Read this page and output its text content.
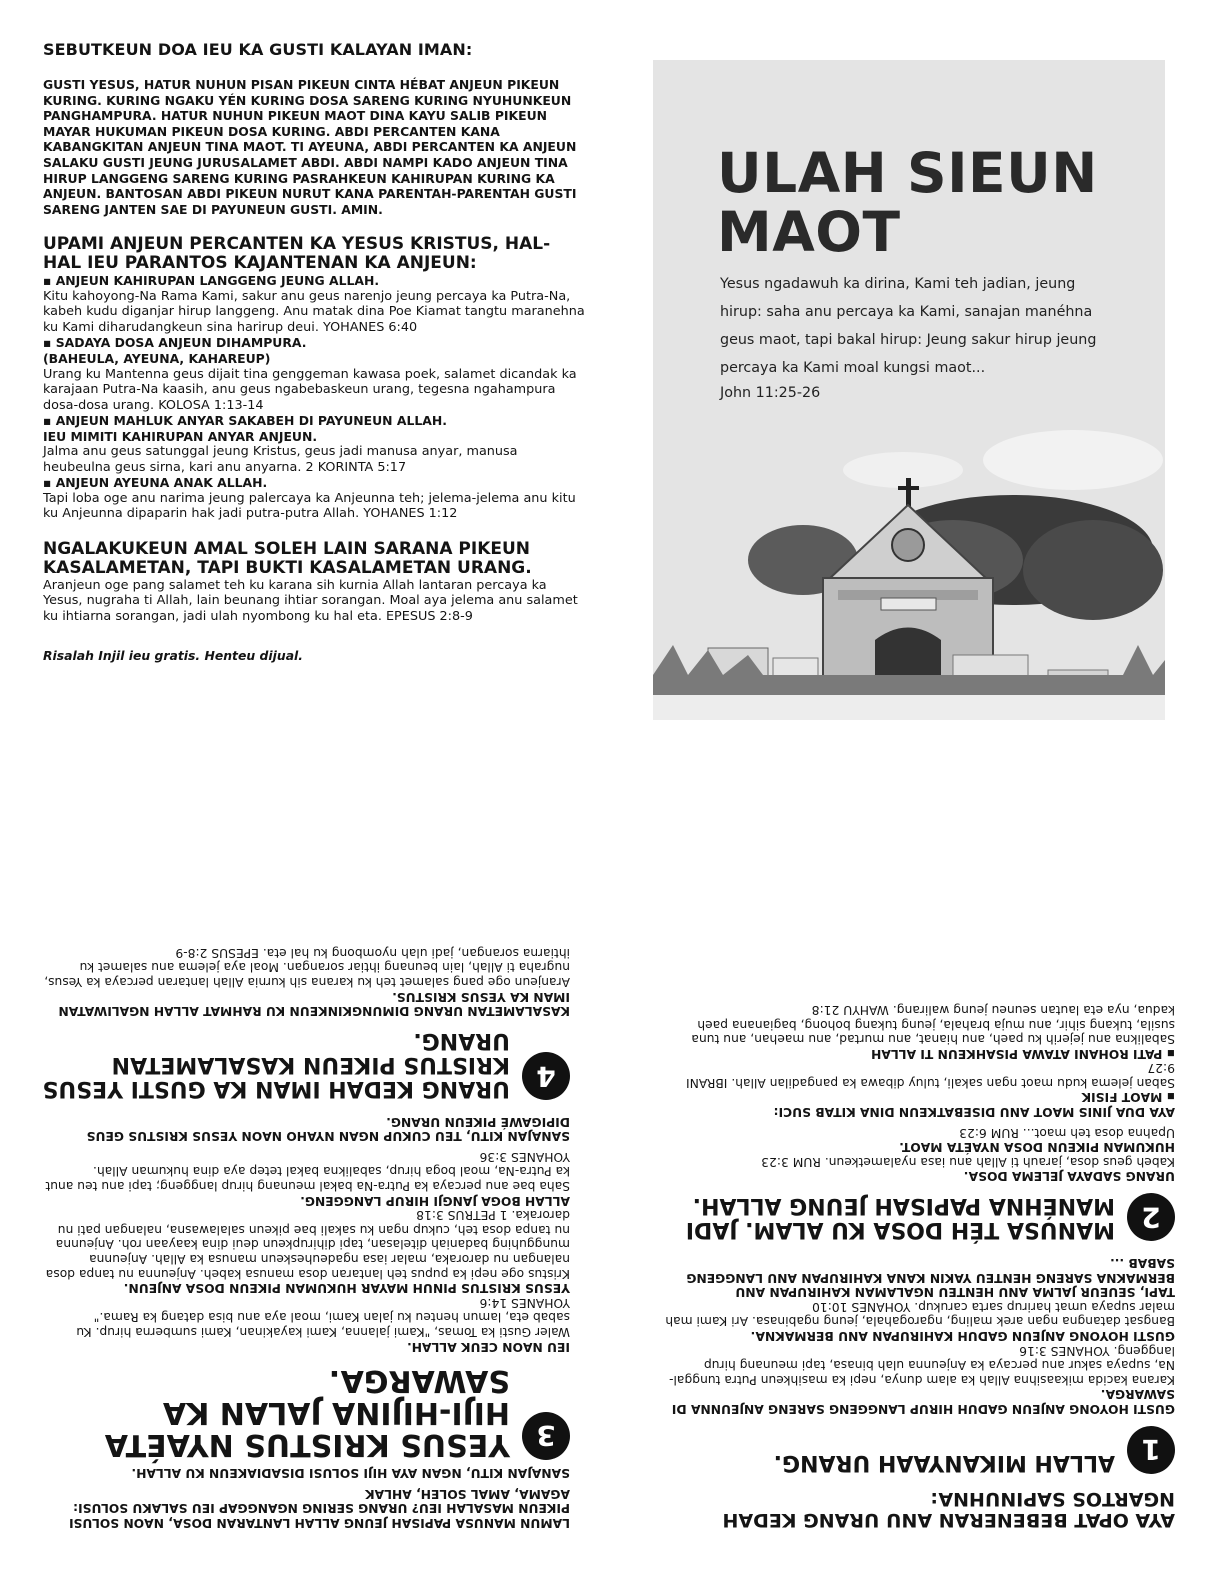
SEBUTKEUN DOA IEU KA GUSTI KALAYAN IMAN:
GUSTI YESUS, HATUR NUHUN PISAN PIKEUN CINTA HÉBAT ANJEUN PIKEUN KURING. KURING NGAKU YÉN KURING DOSA SARENG KURING NYUHUNKEUN PANGHAMPURA. HATUR NUHUN PIKEUN MAOT DINA KAYU SALIB PIKEUN MAYAR HUKUMAN PIKEUN DOSA KURING. ABDI PERCANTEN KANA KABANGKITAN ANJEUN TINA MAOT. TI AYEUNA, ABDI PERCANTEN KA ANJEUN SALAKU GUSTI JEUNG JURUSALAMET ABDI. ABDI NAMPI KADO ANJEUN TINA HIRUP LANGGENG SARENG KURING PASRAHKEUN KAHIRUPAN KURING KA ANJEUN. BANTOSAN ABDI PIKEUN NURUT KANA PARENTAH-PARENTAH GUSTI SARENG JANTEN SAE DI PAYUNEUN GUSTI. AMIN.
UPAMI ANJEUN PERCANTEN KA YESUS KRISTUS, HAL-HAL IEU PARANTOS KAJANTENAN KA ANJEUN:
▪ ANJEUN KAHIRUPAN LANGGENG JEUNG ALLAH.
Kitu kahoyong-Na Rama Kami, sakur anu geus narenjo jeung percaya ka Putra-Na, kabeh kudu diganjar hirup langgeng. Anu matak dina Poe Kiamat tangtu maranehna ku Kami diharudangkeun sina harirup deui. YOHANES 6:40
▪ SADAYA DOSA ANJEUN DIHAMPURA.
(BAHEULA, AYEUNA, KAHAREUP)
Urang ku Mantenna geus dijait tina genggeman kawasa poek, salamet dicandak ka karajaan Putra-Na kaasih, anu geus ngabebaskeun urang, tegesna ngahampura dosa-dosa urang. KOLOSA 1:13-14
▪ ANJEUN MAHLUK ANYAR SAKABEH DI PAYUNEUN ALLAH.
IEU MIMITI KAHIRUPAN ANYAR ANJEUN.
Jalma anu geus satunggal jeung Kristus, geus jadi manusa anyar, manusa heubeulna geus sirna, kari anu anyarna. 2 KORINTA 5:17
▪ ANJEUN AYEUNA ANAK ALLAH.
Tapi loba oge anu narima jeung palercaya ka Anjeunna teh; jelema-jelema anu kitu ku Anjeunna dipaparin hak jadi putra-putra Allah. YOHANES 1:12
NGALAKUKEUN AMAL SOLEH LAIN SARANA PIKEUN KASALAMETAN, TAPI BUKTI KASALAMETAN URANG.
Aranjeun oge pang salamet teh ku karana sih kurnia Allah lantaran percaya ka Yesus, nugraha ti Allah, lain beunang ihtiar sorangan. Moal aya jelema anu salamet ku ihtiarna sorangan, jadi ulah nyombong ku hal eta. EPESUS 2:8-9
Risalah Injil ieu gratis. Henteu dijual.
ULAH SIEUN
MAOT
Yesus ngadawuh ka dirina, Kami teh jadian, jeung hirup: saha anu percaya ka Kami, sanajan manéhna geus maot, tapi bakal hirup: Jeung sakur hirup jeung percaya ka Kami moal kungsi maot...
John 11:25-26
LAMUN MANUSA PAPISAH JEUNG ALLAH LANTARAN DOSA, NAON SOLUSI PIKEUN MASALAH IEU? URANG SERING NGANGGAP IEU SALAKU SOLUSI: AGAMA, AMAL SOLEH, AHLAK
SANAJAN KITU, NGAN AYA HIJI SOLUSI DISADIAKEUN KU ALLAH.
3
YESUS KRISTUS NYAÉTA HIJI-HIJINA JALAN KA SAWARGA.
IEU NAON CEUK ALLAH.
Waler Gusti ka Tomas, "Kami jalanna, Kami kayakinan, Kami sumberna hirup. Ku sabab eta, lamun henteu ku jalan Kami, moal aya anu bisa datang ka Rama." YOHANES 14:6
YESUS KRISTUS PINUH MAYAR HUKUMAN PIKEUN DOSA ANJEUN.
Kristus oge nepi ka pupus teh lantaran dosa manusa kabeh. Anjeunna nu tanpa dosa nalangan nu daroraka, malar iasa ngadeuheskeun manusa ka Allah. Anjeunna mungguhing badaniah ditelasan, tapi dihirupkeun deui dina kaayaan roh. Anjeunna nu tanpa dosa teh, cukup ngan ku sakali bae pikeun salalawasna, nalangan pati nu daroraka. 1 PETRUS 3:18
ALLAH BOGA JANGJI HIRUP LANGGENG.
Saha bae anu percaya ka Putra-Na bakal meunang hirup langgeng; tapi anu teu anut ka Putra-Na, moal boga hirup, sabalikna bakal tetep aya dina hukuman Allah. YOHANES 3:36
SANAJAN KITU, TEU CUKUP NGAN NYAHO NAON YESUS KRISTUS GEUS DIPIGAWÉ PIKEUN URANG.
4
URANG KEDAH IMAN KA GUSTI YESUS KRISTUS PIKEUN KASALAMETAN URANG.
KASALAMETAN URANG DIMUNGKINKEUN KU RAHMAT ALLAH NGALIWATAN IMAN KA YESUS KRISTUS.
Aranjeun oge pang salamet teh ku karana sih kurnia Allah lantaran percaya ka Yesus, nugraha ti Allah, lain beunang ihtiar sorangan. Moal aya jelema anu salamet ku ihtiarna sorangan, jadi ulah nyombong ku hal eta. EPESUS 2:8-9
AYA OPAT BEBENERAN ANU URANG KEDAH NGARTOS SAPINUHNA:
1
ALLAH MIKANYAAH URANG.
GUSTI HOYONG ANJEUN GADUH HIRUP LANGGENG SARENG ANJEUNNA DI SAWARGA.
Karana kacida mikaasihna Allah ka alam dunya, nepi ka masihkeun Putra tunggal-Na, supaya sakur anu percaya ka Anjeunna ulah binasa, tapi meunang hirup langgeng. YOHANES 3:16
GUSTI HOYONG ANJEUN GADUH KAHIRUPAN ANU BERMAKNA.
Bangsat datangna ngan arek maling, ngarogahala, jeung ngabinasa. Ari Kami mah malar supaya umat harirup sarta carukup. YOHANES 10:10
TAPI, SEUEUR JALMA ANU HENTEU NGALAMAN KAHIRUPAN ANU BERMAKNA SARENG HENTEU YAKIN KANA KAHIRUPAN ANU LANGGENG SABAB ...
2
MANUSA TÉH DOSA KU ALAM. JADI MANÉHNA PAPISAH JEUNG ALLAH.
URANG SADAYA JELEMA DOSA.
Kabeh geus dosa, jarauh ti Allah anu iasa nyalametkeun. RUM 3:23
HUKUMAN PIKEUN DOSA NYAÉTA MAOT.
Upahna dosa teh maot... RUM 6:23
AYA DUA JINIS MAOT ANU DISEBATKEUN DINA KITAB SUCI:
▪ MAOT FISIK
Saban jelema kudu maot ngan sakali, tuluy dibawa ka pangadilan Allah. IBRANI 9:27
▪ PATI ROHANI ATAWA PISAHKEUN TI ALLAH
Sabalikna anu jejerih ku paeh, anu hianat, anu murtad, anu maehan, anu tuna susila, tukang sihir, anu muja brahala, jeung tukang bohong, bagianana paeh kadua, nya eta lautan seuneu jeung walirang. WAHYU 21:8
